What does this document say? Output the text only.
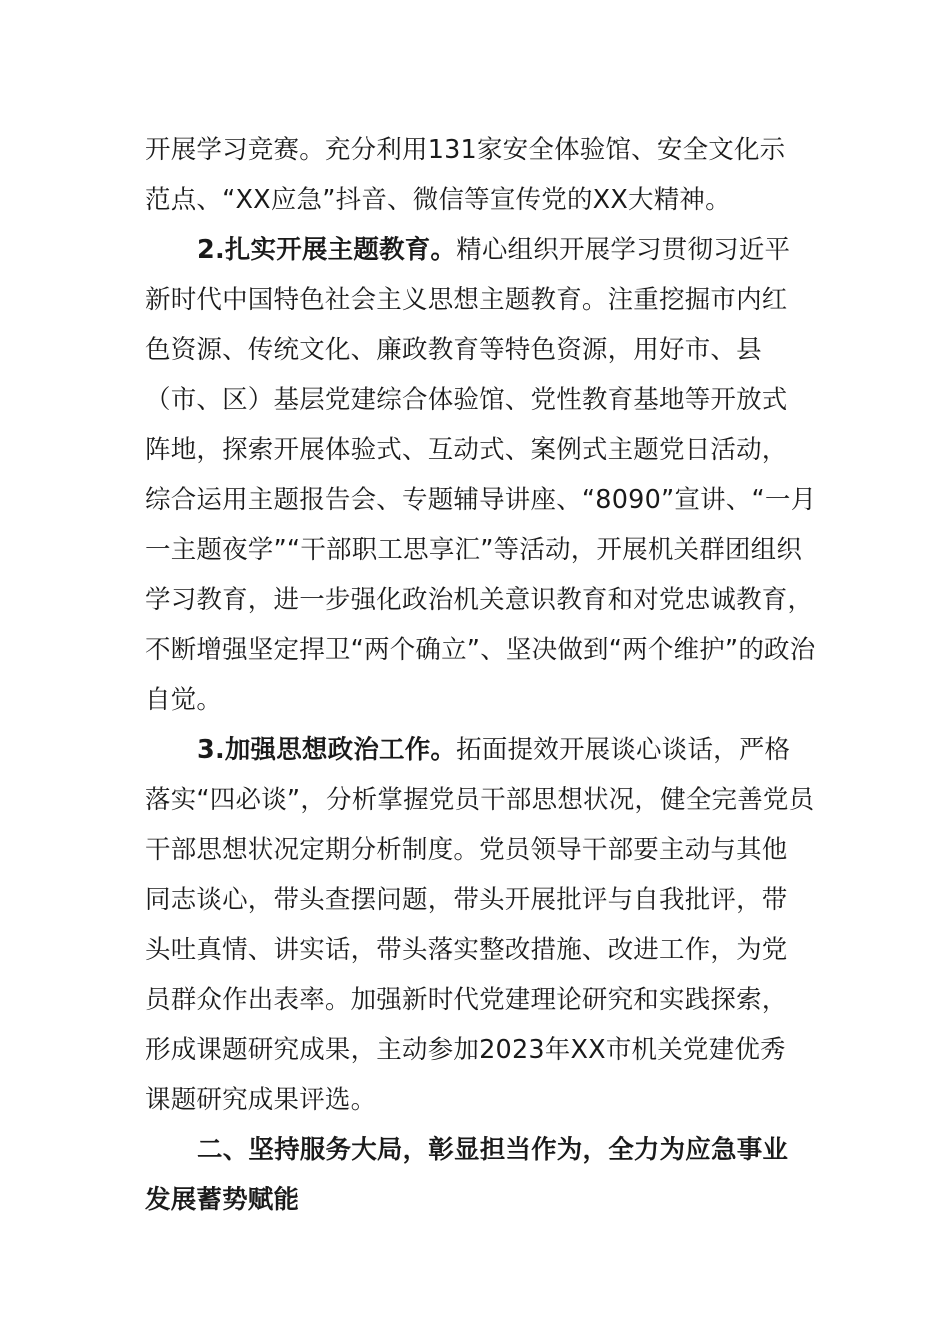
开展学习竞赛。充分利用131家安全体验馆、安全文化示
范点、“XX应急”抖音、微信等宣传党的XX大精神。
2.扎实开展主题教育。精心组织开展学习贯彻习近平
新时代中国特色社会主义思想主题教育。注重挖掘市内红
色资源、传统文化、廉政教育等特色资源，用好市、县
（市、区）基层党建综合体验馆、党性教育基地等开放式
阵地，探索开展体验式、互动式、案例式主题党日活动，
综合运用主题报告会、专题辅导讲座、“8090”宣讲、“一月
一主题夜学”“干部职工思享汇”等活动，开展机关群团组织
学习教育，进一步强化政治机关意识教育和对党忠诚教育，
不断增强坚定捍卫“两个确立”、坚决做到“两个维护”的政治
自觉。
3.加强思想政治工作。拓面提效开展谈心谈话，严格
落实“四必谈”，分析掌握党员干部思想状况，健全完善党员
干部思想状况定期分析制度。党员领导干部要主动与其他
同志谈心，带头查摆问题，带头开展批评与自我批评，带
头吐真情、讲实话，带头落实整改措施、改进工作，为党
员群众作出表率。加强新时代党建理论研究和实践探索，
形成课题研究成果，主动参加2023年XX市机关党建优秀
课题研究成果评选。
二、坚持服务大局，彰显担当作为，全力为应急事业
发展蓄势赋能
